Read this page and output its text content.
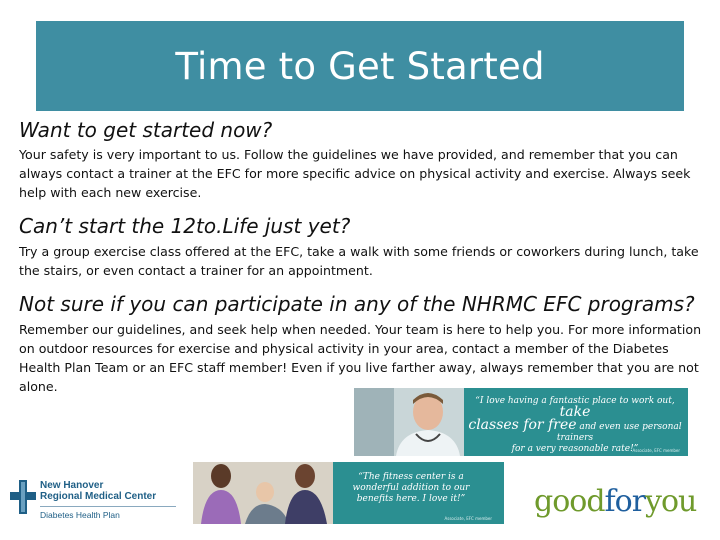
Time to Get Started
Want to get started now?

Your safety is very important to us. Follow the guidelines we have provided, and remember that you can always contact a trainer at the EFC for more specific advice on physical activity and exercise. Always seek help with each new exercise.

Can’t start the 12to.Life just yet?

Try a group exercise class offered at the EFC, take a walk with some friends or coworkers during lunch, take the stairs, or even contact a trainer for an appointment.

Not sure if you can participate in any of the NHRMC EFC programs?

Remember our guidelines, and seek help when needed. Your team is here to help you. For more information on outdoor resources for exercise and physical activity in your area, contact a member of the Diabetes Health Plan Team or an EFC staff member! Even if you live farther away, always remember that you are not alone.

“I love having a fantastic place to work out, take
classes for free and even use personal trainers
for a very reasonable rate!”
Associate, EFC member
“The fitness center is a wonderful addition to our benefits here. I love it!”
Associate, EFC member
New Hanover
Regional Medical Center
Diabetes Health Plan	goodforyou
